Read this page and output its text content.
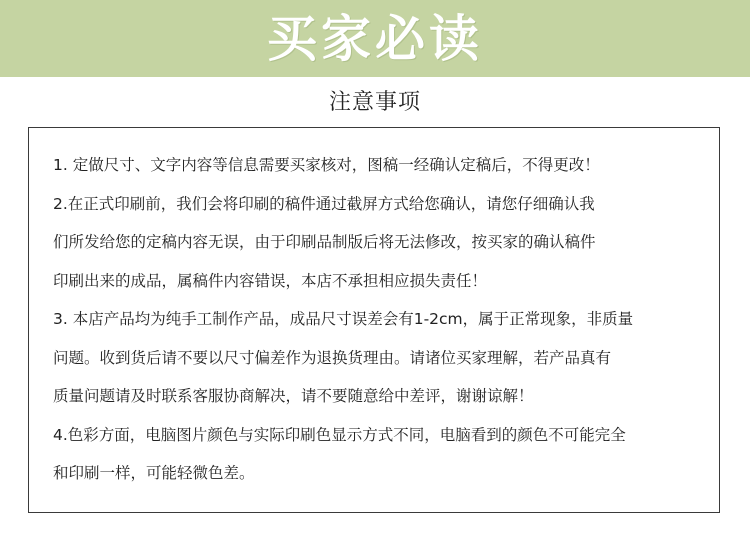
买家必读
注意事项
1. 定做尺寸、文字内容等信息需要买家核对，图稿一经确认定稿后，不得更改！
2.在正式印刷前，我们会将印刷的稿件通过截屏方式给您确认，请您仔细确认我
们所发给您的定稿内容无误，由于印刷品制版后将无法修改，按买家的确认稿件
印刷出来的成品，属稿件内容错误，本店不承担相应损失责任！
3. 本店产品均为纯手工制作产品，成品尺寸误差会有1-2cm，属于正常现象，非质量
问题。收到货后请不要以尺寸偏差作为退换货理由。请诸位买家理解，若产品真有
质量问题请及时联系客服协商解决，请不要随意给中差评，谢谢谅解！
4.色彩方面，电脑图片颜色与实际印刷色显示方式不同，电脑看到的颜色不可能完全
和印刷一样，可能轻微色差。
